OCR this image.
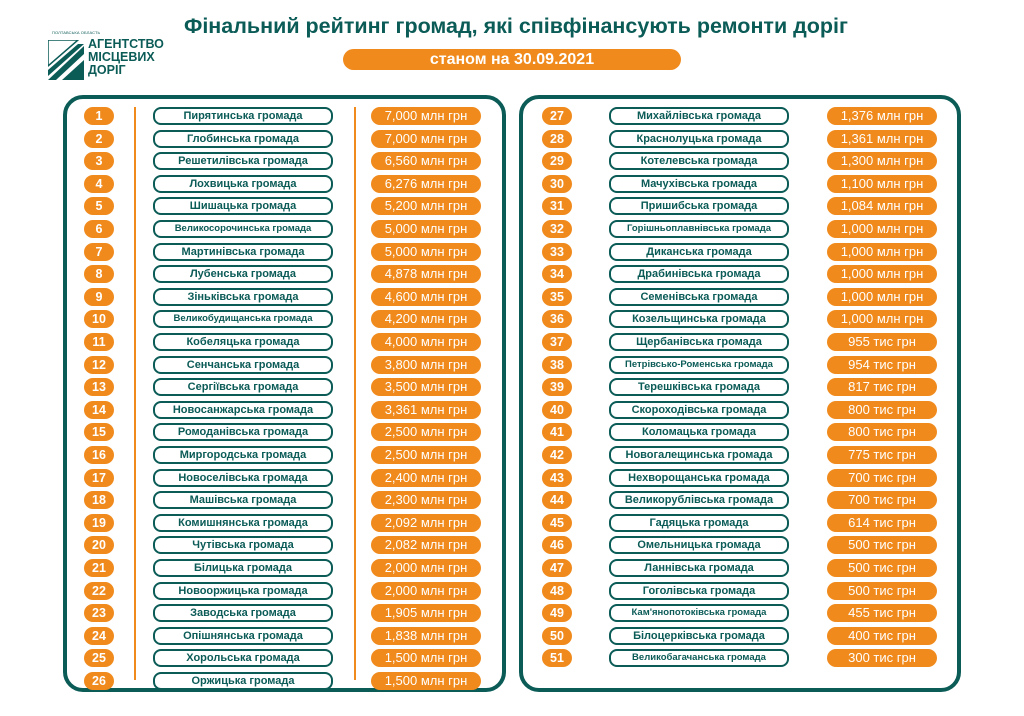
ПОЛТАВСЬКА ОБЛАСТЬ
АГЕНТСТВО
МІСЦЕВИХ
ДОРІГ
Фінальний рейтинг громад, які співфінансують ремонти доріг
станом на 30.09.2021
1	Пирятинська громада	7,000 млн грн
2	Глобинська громада	7,000 млн грн
3	Решетилівська громада	6,560 млн грн
4	Лохвицька громада	6,276 млн грн
5	Шишацька громада	5,200 млн грн
6	Великосорочинська громада	5,000 млн грн
7	Мартинівська громада	5,000 млн грн
8	Лубенська громада	4,878 млн грн
9	Зіньківська громада	4,600 млн грн
10	Великобудищанська громада	4,200 млн грн
11	Кобеляцька громада	4,000 млн грн
12	Сенчанська громада	3,800 млн грн
13	Сергіївська громада	3,500 млн грн
14	Новосанжарська громада	3,361 млн грн
15	Ромоданівська громада	2,500 млн грн
16	Миргородська громада	2,500 млн грн
17	Новоселівська громада	2,400 млн грн
18	Машівська громада	2,300 млн грн
19	Комишнянська громада	2,092 млн грн
20	Чутівська громада	2,082 млн грн
21	Білицька громада	2,000 млн грн
22	Новооржицька громада	2,000 млн грн
23	Заводська громада	1,905 млн грн
24	Опішнянська громада	1,838 млн грн
25	Хорольська громада	1,500 млн грн
26	Оржицька громада	1,500 млн грн
27	Михайлівська громада	1,376 млн грн
28	Краснолуцька громада	1,361 млн грн
29	Котелевська громада	1,300 млн грн
30	Мачухівська громада	1,100 млн грн
31	Пришибська громада	1,084 млн грн
32	Горішньоплавнівська громада	1,000 млн грн
33	Диканська громада	1,000 млн грн
34	Драбинівська громада	1,000 млн грн
35	Семенівська громада	1,000 млн грн
36	Козельщинська громада	1,000 млн грн
37	Щербанівська громада	955 тис грн
38	Петрівсько-Роменська громада	954 тис грн
39	Терешківська громада	817 тис грн
40	Скороходівська громада	800 тис грн
41	Коломацька громада	800 тис грн
42	Новогалещинська громада	775 тис грн
43	Нехворощанська громада	700 тис грн
44	Великорублівська громада	700 тис грн
45	Гадяцька громада	614 тис грн
46	Омельницька громада	500 тис грн
47	Ланнівська громада	500 тис грн
48	Гоголівська громада	500 тис грн
49	Кам'янопотоківська громада	455 тис грн
50	Білоцерківська громада	400 тис грн
51	Великобагачанська громада	300 тис грн
